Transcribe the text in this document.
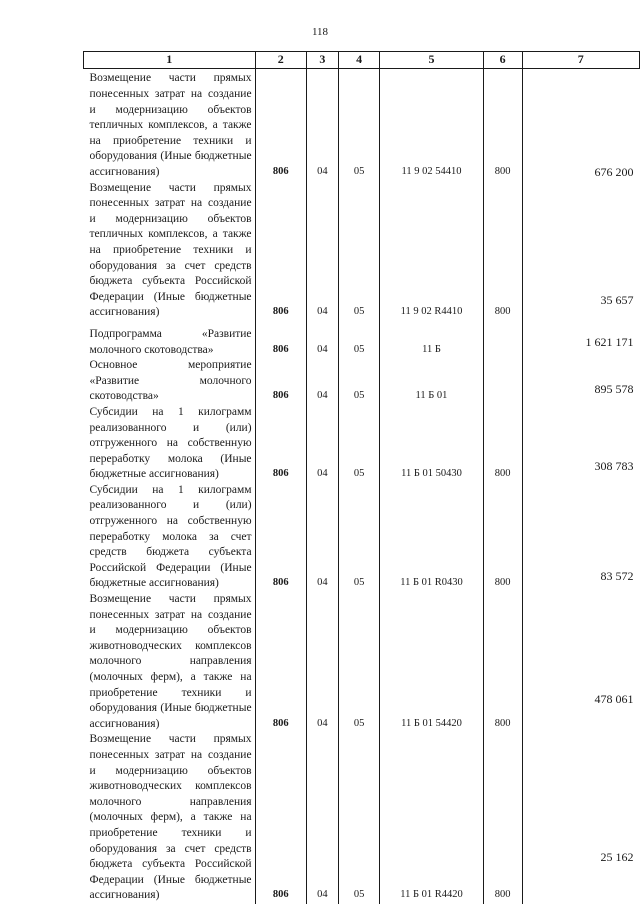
118
1	2	3	4	5	6	7
Возмещение части прямых понесенных затрат на создание и модернизацию объектов тепличных комплексов, а также на приобретение техники и оборудования (Иные бюджетные ассигнования)	806	04	05	11 9 02 54410	800	676 200
Возмещение части прямых понесенных затрат на создание и модернизацию объектов тепличных комплексов, а также на приобретение техники и оборудования за счет средств бюджета субъекта Российской Федерации (Иные бюджетные ассигнования)	806	04	05	11 9 02 R4410	800	35 657

Подпрограмма «Развитие молочного скотоводства»	806	04	05	11 Б		1 621 171
Основное мероприятие «Развитие молочного скотоводства»	806	04	05	11 Б 01		895 578
Субсидии на 1 килограмм реализованного и (или) отгруженного на собственную переработку молока (Иные бюджетные ассигнования)	806	04	05	11 Б 01 50430	800	308 783
Субсидии на 1 килограмм реализованного и (или) отгруженного на собственную переработку молока за счет средств бюджета субъекта Российской Федерации (Иные бюджетные ассигнования)	806	04	05	11 Б 01 R0430	800	83 572
Возмещение части прямых понесенных затрат на создание и модернизацию объектов животноводческих комплексов молочного направления (молочных ферм), а также на приобретение техники и оборудования (Иные бюджетные ассигнования)	806	04	05	11 Б 01 54420	800	478 061
Возмещение части прямых понесенных затрат на создание и модернизацию объектов животноводческих комплексов молочного направления (молочных ферм), а также на приобретение техники и оборудования за счет средств бюджета субъекта Российской Федерации (Иные бюджетные ассигнования)	806	04	05	11 Б 01 R4420	800	25 162
